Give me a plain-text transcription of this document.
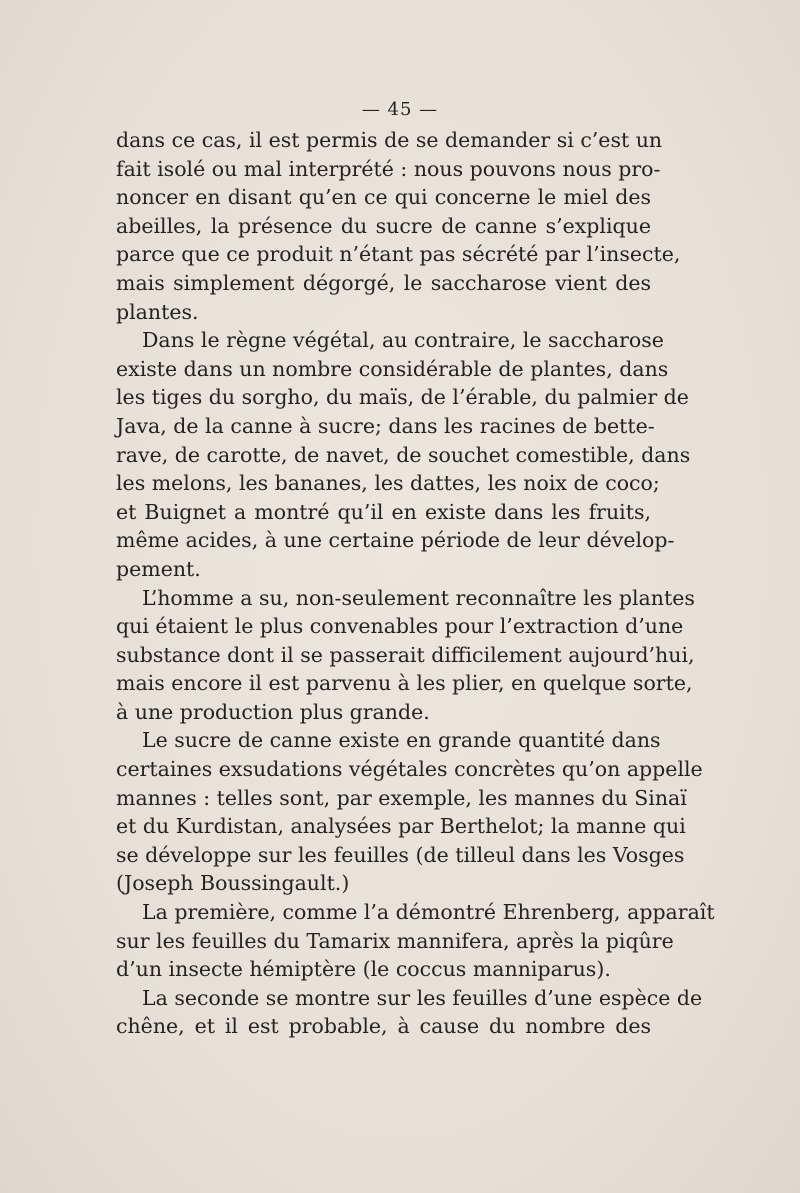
— 45 —
dans ce cas, il est permis de se demander si c’est un
fait isolé ou mal interprété : nous pouvons nous pro-
noncer en disant qu’en ce qui concerne le miel des
abeilles, la présence du sucre de canne s’explique
parce que ce produit n’étant pas sécrété par l’insecte,
mais simplement dégorgé, le saccharose vient des
plantes.
Dans le règne végétal, au contraire, le saccharose
existe dans un nombre considérable de plantes, dans
les tiges du sorgho, du maïs, de l’érable, du palmier de
Java, de la canne à sucre; dans les racines de bette-
rave, de carotte, de navet, de souchet comestible, dans
les melons, les bananes, les dattes, les noix de coco;
et Buignet a montré qu’il en existe dans les fruits,
même acides, à une certaine période de leur dévelop-
pement.
L’homme a su, non-seulement reconnaître les plantes
qui étaient le plus convenables pour l’extraction d’une
substance dont il se passerait difficilement aujourd’hui,
mais encore il est parvenu à les plier, en quelque sorte,
à une production plus grande.
Le sucre de canne existe en grande quantité dans
certaines exsudations végétales concrètes qu’on appelle
mannes : telles sont, par exemple, les mannes du Sinaï
et du Kurdistan, analysées par Berthelot; la manne qui
se développe sur les feuilles (de tilleul dans les Vosges
(Joseph Boussingault.)
La première, comme l’a démontré Ehrenberg, apparaît
sur les feuilles du Tamarix mannifera, après la piqûre
d’un insecte hémiptère (le coccus manniparus).
La seconde se montre sur les feuilles d’une espèce de
chêne, et il est probable, à cause du nombre des
